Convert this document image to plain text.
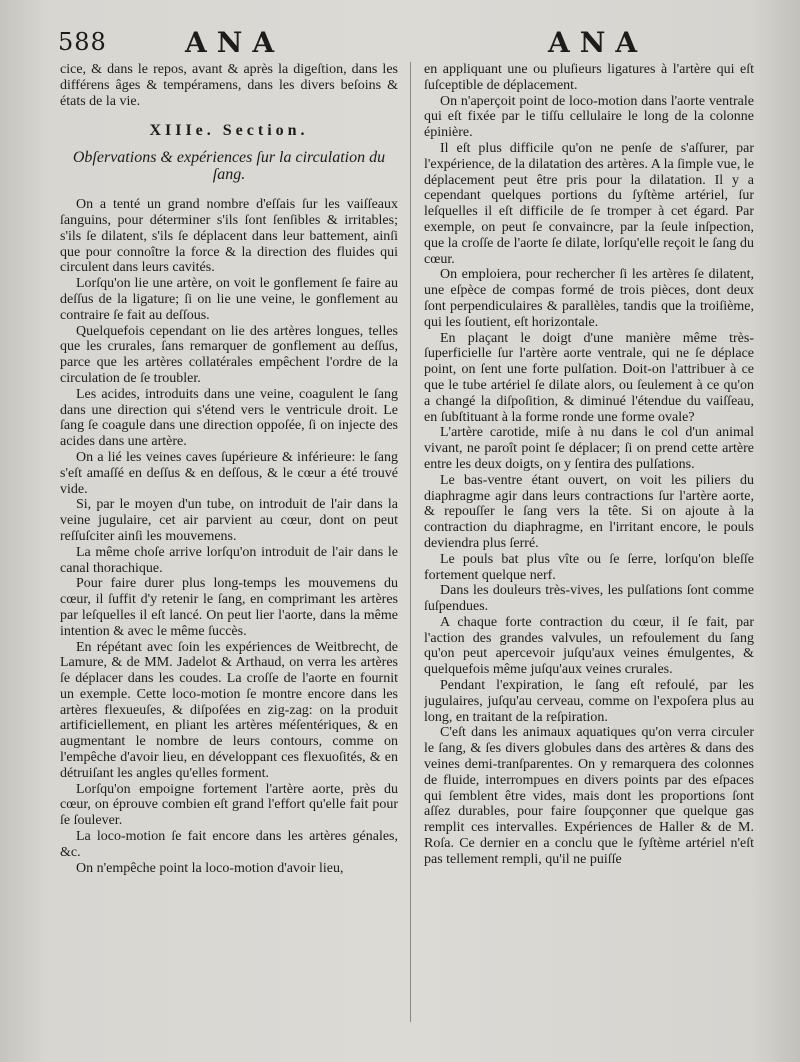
588	ANA	ANA

cice, & dans le repos, avant & après la digeſtion, dans les différens âges & tempéramens, dans les divers beſoins & états de la vie.

XIIIe. Section.
Obſervations & expériences ſur la circulation du ſang.

On a tenté un grand nombre d'eſſais ſur les vaiſſeaux ſanguins, pour déterminer s'ils ſont ſenſibles & irritables; s'ils ſe dilatent, s'ils ſe déplacent dans leur battement, ainſi que pour connoître la force & la direction des fluides qui circulent dans leurs cavités.

Lorſqu'on lie une artère, on voit le gonflement ſe faire au deſſus de la ligature; ſi on lie une veine, le gonflement au contraire ſe fait au deſſous.

Quelquefois cependant on lie des artères longues, telles que les crurales, ſans remarquer de gonflement au deſſus, parce que les artères collatérales empêchent l'ordre de la circulation de ſe troubler.

Les acides, introduits dans une veine, coagulent le ſang dans une direction qui s'étend vers le ventricule droit. Le ſang ſe coagule dans une direction oppoſée, ſi on injecte des acides dans une artère.

On a lié les veines caves ſupérieure & inférieure: le ſang s'eſt amaſſé en deſſus & en deſſous, & le cœur a été trouvé vide.

Si, par le moyen d'un tube, on introduit de l'air dans la veine jugulaire, cet air parvient au cœur, dont on peut reſſuſciter ainſi les mouvemens.

La même choſe arrive lorſqu'on introduit de l'air dans le canal thorachique.

Pour faire durer plus long-temps les mouvemens du cœur, il ſuffit d'y retenir le ſang, en comprimant les artères par leſquelles il eſt lancé. On peut lier l'aorte, dans la même intention & avec le même ſuccès.

En répétant avec ſoin les expériences de Weitbrecht, de Lamure, & de MM. Jadelot & Arthaud, on verra les artères ſe déplacer dans les coudes. La croſſe de l'aorte en fournit un exemple. Cette loco-motion ſe montre encore dans les artères flexueuſes, & diſpoſées en zig-zag: on la produit artificiellement, en pliant les artères méſentériques, & en augmentant le nombre de leurs contours, comme on l'empêche d'avoir lieu, en développant ces flexuoſités, & en détruiſant les angles qu'elles forment.

Lorſqu'on empoigne fortement l'artère aorte, près du cœur, on éprouve combien eſt grand l'effort qu'elle fait pour ſe ſoulever.

La loco-motion ſe fait encore dans les artères génales, &c.

On n'empêche point la loco-motion d'avoir lieu,

en appliquant une ou pluſieurs ligatures à l'artère qui eſt ſuſceptible de déplacement.

On n'aperçoit point de loco-motion dans l'aorte ventrale qui eſt fixée par le tiſſu cellulaire le long de la colonne épinière.

Il eſt plus difficile qu'on ne penſe de s'aſſurer, par l'expérience, de la dilatation des artères. A la ſimple vue, le déplacement peut être pris pour la dilatation. Il y a cependant quelques portions du ſyſtème artériel, ſur leſquelles il eſt difficile de ſe tromper à cet égard. Par exemple, on peut ſe convaincre, par la ſeule inſpection, que la croſſe de l'aorte ſe dilate, lorſqu'elle reçoit le ſang du cœur.

On emploiera, pour rechercher ſi les artères ſe dilatent, une eſpèce de compas formé de trois pièces, dont deux ſont perpendiculaires & parallèles, tandis que la troiſième, qui les ſoutient, eſt horizontale.

En plaçant le doigt d'une manière même très-ſuperficielle ſur l'artère aorte ventrale, qui ne ſe déplace point, on ſent une forte pulſation. Doit-on l'attribuer à ce que le tube artériel ſe dilate alors, ou ſeulement à ce qu'on a changé la diſpoſition, & diminué l'étendue du vaiſſeau, en ſubſtituant à la forme ronde une forme ovale?

L'artère carotide, miſe à nu dans le col d'un animal vivant, ne paroît point ſe déplacer; ſi on prend cette artère entre les deux doigts, on y ſentira des pulſations.

Le bas-ventre étant ouvert, on voit les piliers du diaphragme agir dans leurs contractions ſur l'artère aorte, & repouſſer le ſang vers la tête. Si on ajoute à la contraction du diaphragme, en l'irritant encore, le pouls deviendra plus ſerré.

Le pouls bat plus vîte ou ſe ſerre, lorſqu'on bleſſe fortement quelque nerf.

Dans les douleurs très-vives, les pulſations ſont comme ſuſpendues.

A chaque forte contraction du cœur, il ſe fait, par l'action des grandes valvules, un refoulement du ſang qu'on peut apercevoir juſqu'aux veines émulgentes, & quelquefois même juſqu'aux veines crurales.

Pendant l'expiration, le ſang eſt refoulé, par les jugulaires, juſqu'au cerveau, comme on l'expoſera plus au long, en traitant de la reſpiration.

C'eſt dans les animaux aquatiques qu'on verra circuler le ſang, & ſes divers globules dans des artères & dans des veines demi-tranſparentes. On y remarquera des colonnes de fluide, interrompues en divers points par des eſpaces qui ſemblent être vides, mais dont les proportions ſont aſſez durables, pour faire ſoupçonner que quelque gas remplit ces intervalles. Expériences de Haller & de M. Roſa. Ce dernier en a conclu que le ſyſtème artériel n'eſt pas tellement rempli, qu'il ne puiſſe
